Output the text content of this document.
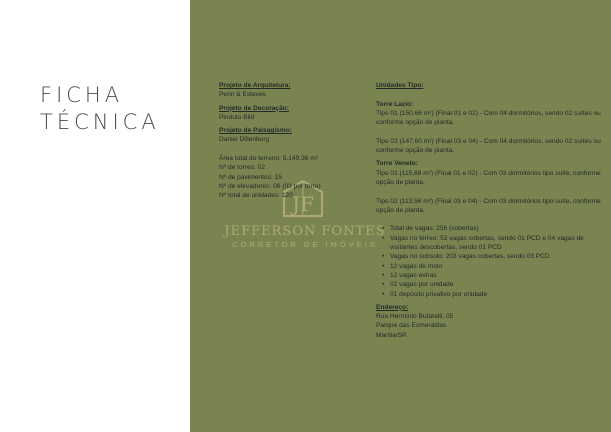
FICHA
TÉCNICA
JF
JEFFERSON FONTES
CORRETOR DE IMÓVEIS
Projeto de Arquitetura:
Perin & Esteves
Projeto de Decoração:
Pinduto Bild
Projeto de Paisagismo:
Daniel Dillenburg
Área total do terreno: 5.149,36 m²
Nº de torres: 02
Nº de pavimentos: 15
Nº de elevadores: 06 (03 por torre)
Nº total de unidades: 120
Unidades Tipo:
Torre Lazio:
Tipo 01 (150,66 m²) (Final 01 e 02) - Com 04 dormitórios, sendo 02 suítes ou conforme opção de planta.
Tipo 02 (147,60 m²) (Final 03 e 04) - Com 04 dormitórios, sendo 02 suítes ou conforme opção de planta.
Torre Veneto:
Tipo 01 (115,68 m²) (Final 01 e 02) - Com 03 dormitórios tipo suíte, conforme opção de planta.
Tipo 02 (113,56 m²) (Final 03 e 04) - Com 03 dormitórios tipo suíte, conforme opção de planta.
• Total de vagas: 256 (cobertas)
• Vagas no térreo: 53 vagas cobertas, sendo 01 PCD e 04 vagas de visitantes descobertas, sendo 01 PCD
• Vagas no subsolo: 203 vagas cobertas, sendo 03 PCD
• 12 vagas de moto
• 12 vagas extras
• 02 vagas por unidade
• 01 depósito privativo por unidade
Endereço:
Rua Hermínio Butarelli, 05
Parque das Esmeraldas
Marília/SP.
